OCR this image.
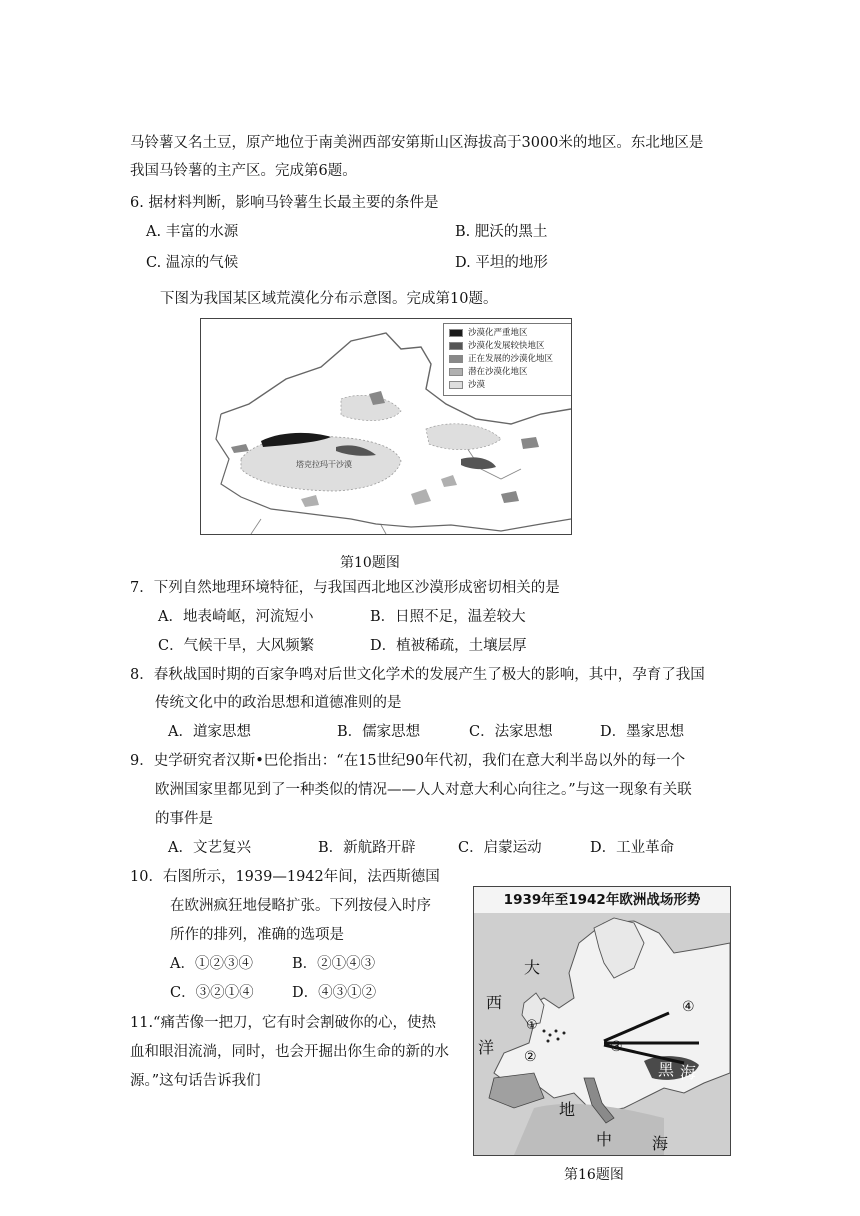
马铃薯又名土豆，原产地位于南美洲西部安第斯山区海拔高于3000米的地区。东北地区是
我国马铃薯的主产区。完成第6题。
6. 据材料判断，影响马铃薯生长最主要的条件是
A. 丰富的水源	B. 肥沃的黑土
C. 温凉的气候	D. 平坦的地形
下图为我国某区域荒漠化分布示意图。完成第10题。
塔克拉玛干沙漠
沙漠化严重地区
沙漠化发展较快地区
正在发展的沙漠化地区
潜在沙漠化地区
沙漠
第10题图
7．下列自然地理环境特征，与我国西北地区沙漠形成密切相关的是
A．地表崎岖，河流短小	B．日照不足，温差较大
C．气候干旱，大风频繁	D．植被稀疏，土壤层厚
8．春秋战国时期的百家争鸣对后世文化学术的发展产生了极大的影响，其中，孕育了我国
传统文化中的政治思想和道德准则的是
A．道家思想	B．儒家思想	C．法家思想	D．墨家思想
9．史学研究者汉斯•巴伦指出：“在15世纪90年代初，我们在意大利半岛以外的每一个
欧洲国家里都见到了一种类似的情况——人人对意大利心向往之。”与这一现象有关联
的事件是
A．文艺复兴	B．新航路开辟	C．启蒙运动	D．工业革命
10．右图所示，1939—1942年间，法西斯德国
在欧洲疯狂地侵略扩张。下列按侵入时序
所作的排列，准确的选项是
A．①②③④	B．②①④③
C．③②①④	D．④③①②
11.“痛苦像一把刀，它有时会割破你的心，使热
血和眼泪流淌，同时，也会开掘出你生命的新的水
源。”这句话告诉我们
1939年至1942年欧洲战场形势
大
西
洋
黑 海
地
中 海
①
②
③
④
第16题图
